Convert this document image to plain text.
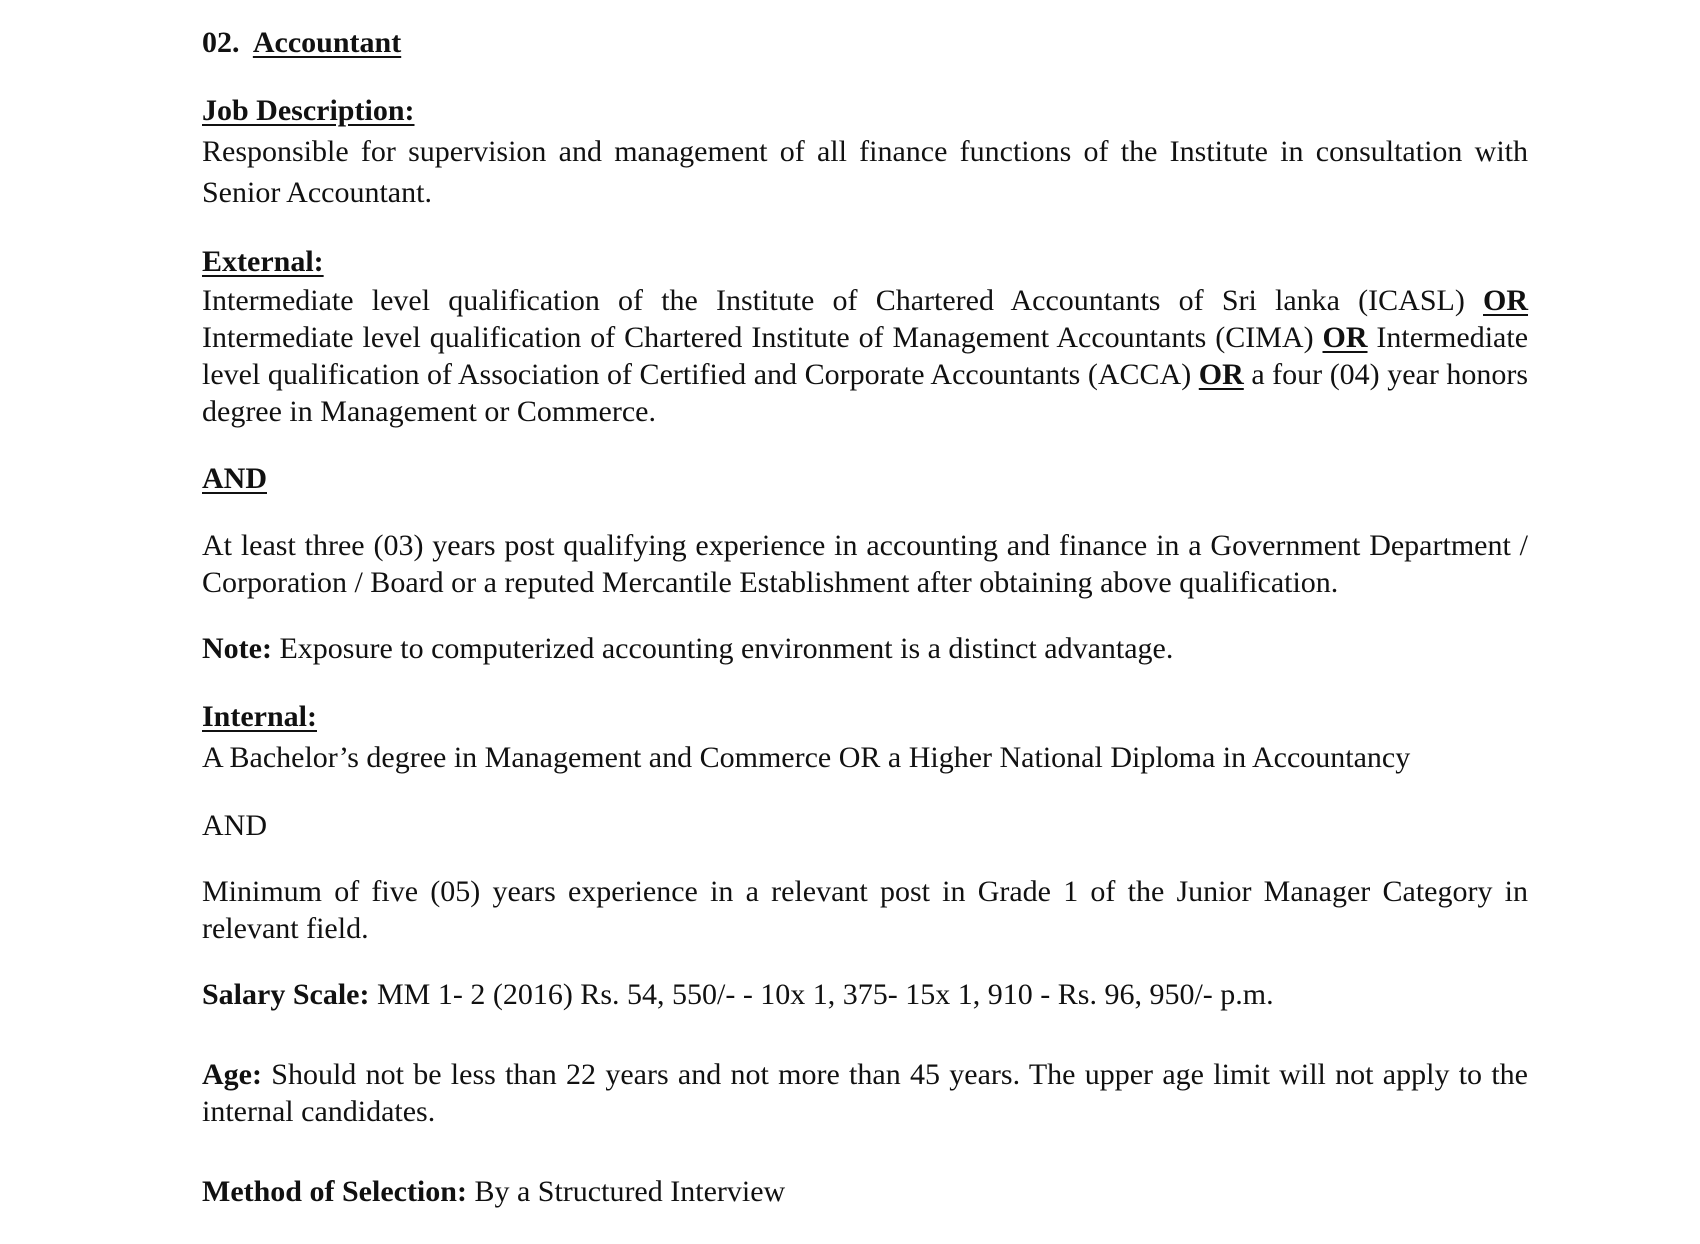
02. Accountant

Job Description:

Responsible for supervision and management of all finance functions of the Institute in consultation with Senior Accountant.

External:

Intermediate level qualification of the Institute of Chartered Accountants of Sri lanka (ICASL) OR Intermediate level qualification of Chartered Institute of Management Accountants (CIMA) OR Intermediate level qualification of Association of Certified and Corporate Accountants (ACCA) OR a four (04) year honors degree in Management or Commerce.

AND

At least three (03) years post qualifying experience in accounting and finance in a Government Department / Corporation / Board or a reputed Mercantile Establishment after obtaining above qualification.

Note: Exposure to computerized accounting environment is a distinct advantage.

Internal:

A Bachelor’s degree in Management and Commerce OR a Higher National Diploma in Accountancy

AND

Minimum of five (05) years experience in a relevant post in Grade 1 of the Junior Manager Category in relevant field.

Salary Scale: MM 1- 2 (2016) Rs. 54, 550/- - 10x 1, 375- 15x 1, 910 - Rs. 96, 950/- p.m.

Age: Should not be less than 22 years and not more than 45 years. The upper age limit will not apply to the internal candidates.

Method of Selection: By a Structured Interview
